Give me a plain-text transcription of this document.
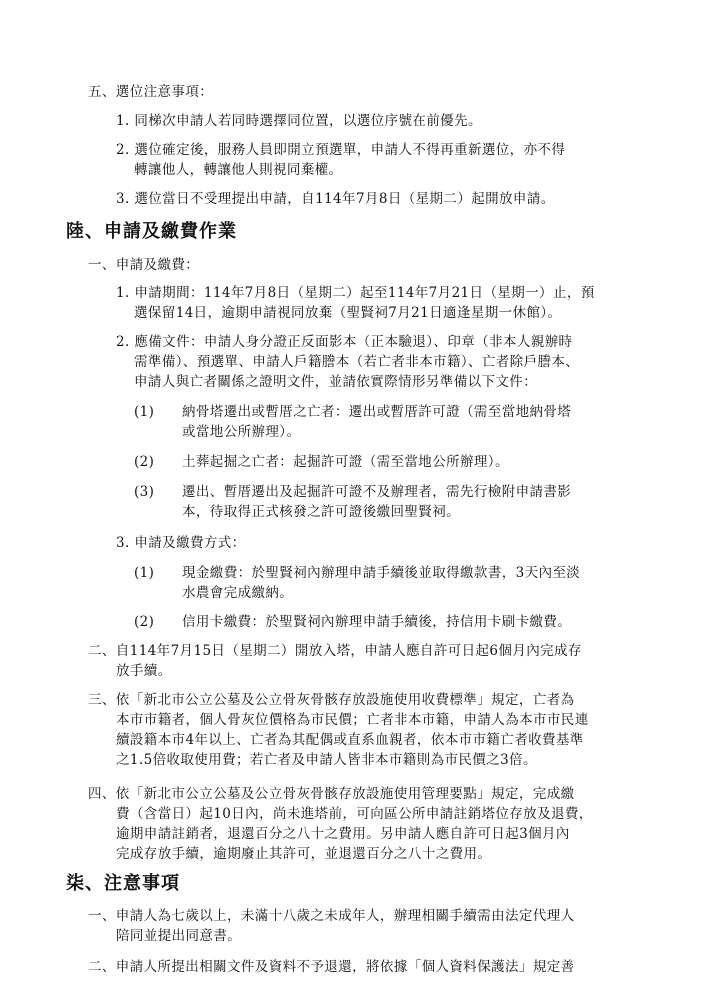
五、選位注意事項：
1. 同梯次申請人若同時選擇同位置，以選位序號在前優先。
2. 選位確定後，服務人員即開立預選單，申請人不得再重新選位，亦不得
轉讓他人，轉讓他人則視同棄權。
3. 選位當日不受理提出申請，自114年7月8日（星期二）起開放申請。
陸、申請及繳費作業
一、申請及繳費：
1. 申請期間：114年7月8日（星期二）起至114年7月21日（星期一）止，預
選保留14日，逾期申請視同放棄（聖賢祠7月21日適逢星期一休館）。
2. 應備文件：申請人身分證正反面影本（正本驗退）、印章（非本人親辦時
需準備）、預選單、申請人戶籍謄本（若亡者非本市籍）、亡者除戶謄本、
申請人與亡者關係之證明文件，並請依實際情形另準備以下文件：
(1) 納骨塔遷出或暫厝之亡者：遷出或暫厝許可證（需至當地納骨塔
或當地公所辦理）。
(2) 土葬起掘之亡者：起掘許可證（需至當地公所辦理）。
(3) 遷出、暫厝遷出及起掘許可證不及辦理者，需先行檢附申請書影
本，待取得正式核發之許可證後繳回聖賢祠。
3. 申請及繳費方式：
(1) 現金繳費：於聖賢祠內辦理申請手續後並取得繳款書，3天內至淡
水農會完成繳納。
(2) 信用卡繳費：於聖賢祠內辦理申請手續後，持信用卡刷卡繳費。
二、自114年7月15日（星期二）開放入塔，申請人應自許可日起6個月內完成存
放手續。
三、依「新北市公立公墓及公立骨灰骨骸存放設施使用收費標準」規定，亡者為
本市市籍者，個人骨灰位價格為市民價；亡者非本市籍，申請人為本市市民連
續設籍本市4年以上、亡者為其配偶或直系血親者，依本市市籍亡者收費基準
之1.5倍收取使用費；若亡者及申請人皆非本市籍則為市民價之3倍。
四、依「新北市公立公墓及公立骨灰骨骸存放設施使用管理要點」規定，完成繳
費（含當日）起10日內，尚未進塔前，可向區公所申請註銷塔位存放及退費，
逾期申請註銷者，退還百分之八十之費用。另申請人應自許可日起3個月內
完成存放手續，逾期廢止其許可，並退還百分之八十之費用。
柒、注意事項
一、申請人為七歲以上，未滿十八歲之未成年人，辦理相關手續需由法定代理人
陪同並提出同意書。
二、申請人所提出相關文件及資料不予退還，將依據「個人資料保護法」規定善
